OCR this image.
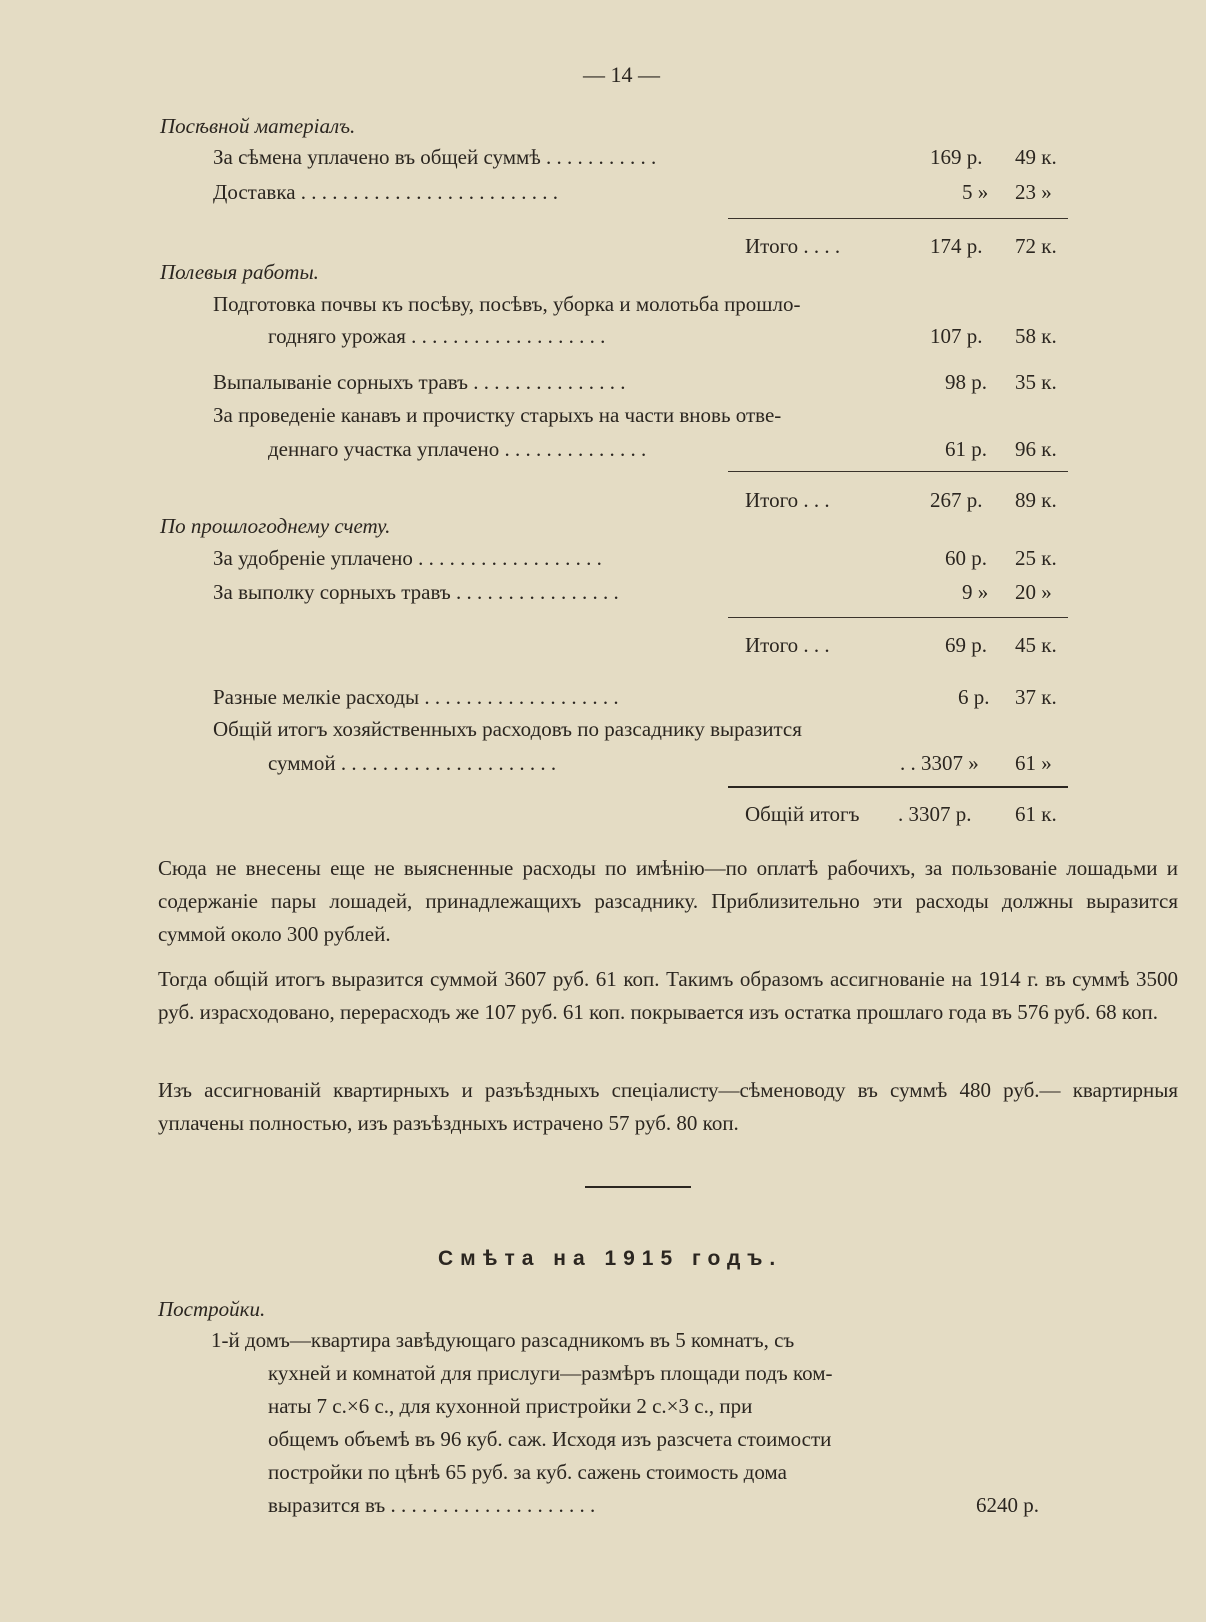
— 14 —
Посѣвной матеріалъ.
За сѣмена уплачено въ общей суммѣ . . . . . . . . . . .	169 р. 49 к.
Доставка . . . . . . . . . . . . . . . . . . . . . . . . .	5 » 23 »
Итого . . . .	174 р. 72 к.
Полевыя работы.
Подготовка почвы къ посѣву, посѣвъ, уборка и молотьба прошло-
годняго урожая . . . . . . . . . . . . . . . . . . .	107 р. 58 к.
Выпалываніе сорныхъ травъ . . . . . . . . . . . . . . .	98 р. 35 к.
За проведеніе канавъ и прочистку старыхъ на части вновь отве-
деннаго участка уплачено . . . . . . . . . . . . . .	61 р. 96 к.
Итого . . .	267 р. 89 к.
По прошлогоднему счету.
За удобреніе уплачено . . . . . . . . . . . . . . . . . .	60 р. 25 к.
За выполку сорныхъ травъ . . . . . . . . . . . . . . . .	9 » 20 »
Итого . . .	69 р. 45 к.
Разные мелкіе расходы . . . . . . . . . . . . . . . . . . .	6 р. 37 к.
Общій итогъ хозяйственныхъ расходовъ по разсаднику выразится
суммой . . . . . . . . . . . . . . . . . . . . .	. . 3307 » 61 »
Общій итогъ . 3307 р. 61 к.
Сюда не внесены еще не выясненные расходы по имѣнію—по оплатѣ рабочихъ, за пользованіе лошадьми и содержаніе пары лошадей, принадлежащихъ разсаднику. Приблизительно эти расходы должны выразится суммой около 300 рублей.
Тогда общій итогъ выразится суммой 3607 руб. 61 коп. Такимъ образомъ ассигнованіе на 1914 г. въ суммѣ 3500 руб. израсходовано, перерасходъ же 107 руб. 61 коп. покрывается изъ остатка прошлаго года въ 576 руб. 68 коп.
Изъ ассигнованій квартирныхъ и разъѣздныхъ спеціалисту—сѣменоводу въ суммѣ 480 руб.— квартирныя уплачены полностью, изъ разъѣздныхъ истрачено 57 руб. 80 коп.
Смѣта на 1915 годъ.
Постройки.
1-й домъ—квартира завѣдующаго разсадникомъ въ 5 комнатъ, съ
кухней и комнатой для прислуги—размѣръ площади подъ ком-
наты 7 с.×6 с., для кухонной пристройки 2 с.×3 с., при
общемъ объемѣ въ 96 куб. саж. Исходя изъ разсчета стоимости
постройки по цѣнѣ 65 руб. за куб. сажень стоимость дома
выразится въ . . . . . . . . . . . . . . . . . . . .	6240 р.
